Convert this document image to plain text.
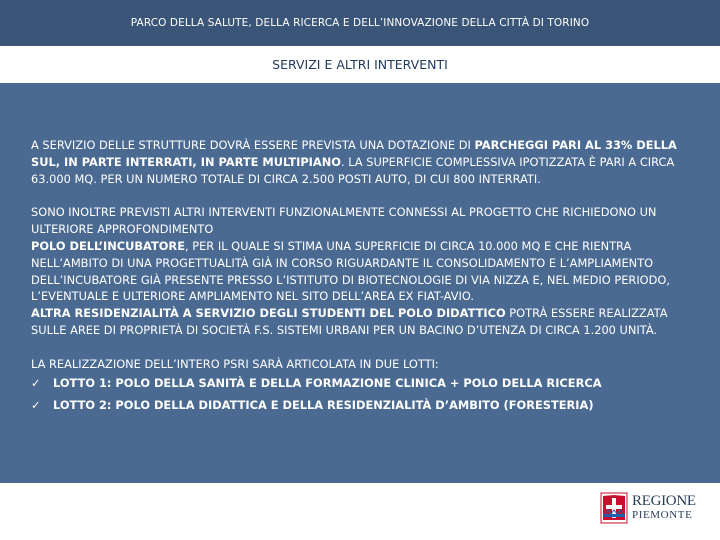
PARCO DELLA SALUTE, DELLA RICERCA E DELL’INNOVAZIONE DELLA CITTÀ DI TORINO
SERVIZI E ALTRI INTERVENTI

A SERVIZIO DELLE STRUTTURE DOVRÀ ESSERE PREVISTA UNA DOTAZIONE DI PARCHEGGI PARI AL 33% DELLA SUL, IN PARTE INTERRATI, IN PARTE MULTIPIANO. LA SUPERFICIE COMPLESSIVA IPOTIZZATA È PARI A CIRCA 63.000 MQ. PER UN NUMERO TOTALE DI CIRCA 2.500 POSTI AUTO, DI CUI 800 INTERRATI.

SONO INOLTRE PREVISTI ALTRI INTERVENTI FUNZIONALMENTE CONNESSI AL PROGETTO CHE RICHIEDONO UN ULTERIORE APPROFONDIMENTO
POLO DELL’INCUBATORE, PER IL QUALE SI STIMA UNA SUPERFICIE DI CIRCA 10.000 MQ E CHE RIENTRA NELL’AMBITO DI UNA PROGETTUALITÀ GIÀ IN CORSO RIGUARDANTE IL CONSOLIDAMENTO E L’AMPLIAMENTO DELL’INCUBATORE GIÀ PRESENTE PRESSO L’ISTITUTO DI BIOTECNOLOGIE DI VIA NIZZA E, NEL MEDIO PERIODO, L’EVENTUALE E ULTERIORE AMPLIAMENTO NEL SITO DELL’AREA EX FIAT-AVIO.
ALTRA RESIDENZIALITÀ A SERVIZIO DEGLI STUDENTI DEL POLO DIDATTICO POTRÀ ESSERE REALIZZATA SULLE AREE DI PROPRIETÀ DI SOCIETÀ F.S. SISTEMI URBANI PER UN BACINO D’UTENZA DI CIRCA 1.200 UNITÀ.

LA REALIZZAZIONE DELL’INTERO PSRI SARÀ ARTICOLATA IN DUE LOTTI:

✓	LOTTO 1: POLO DELLA SANITÀ E DELLA FORMAZIONE CLINICA + POLO DELLA RICERCA
✓	LOTTO 2: POLO DELLA DIDATTICA E DELLA RESIDENZIALITÀ D’AMBITO (FORESTERIA)
REGIONE
PIEMONTE
